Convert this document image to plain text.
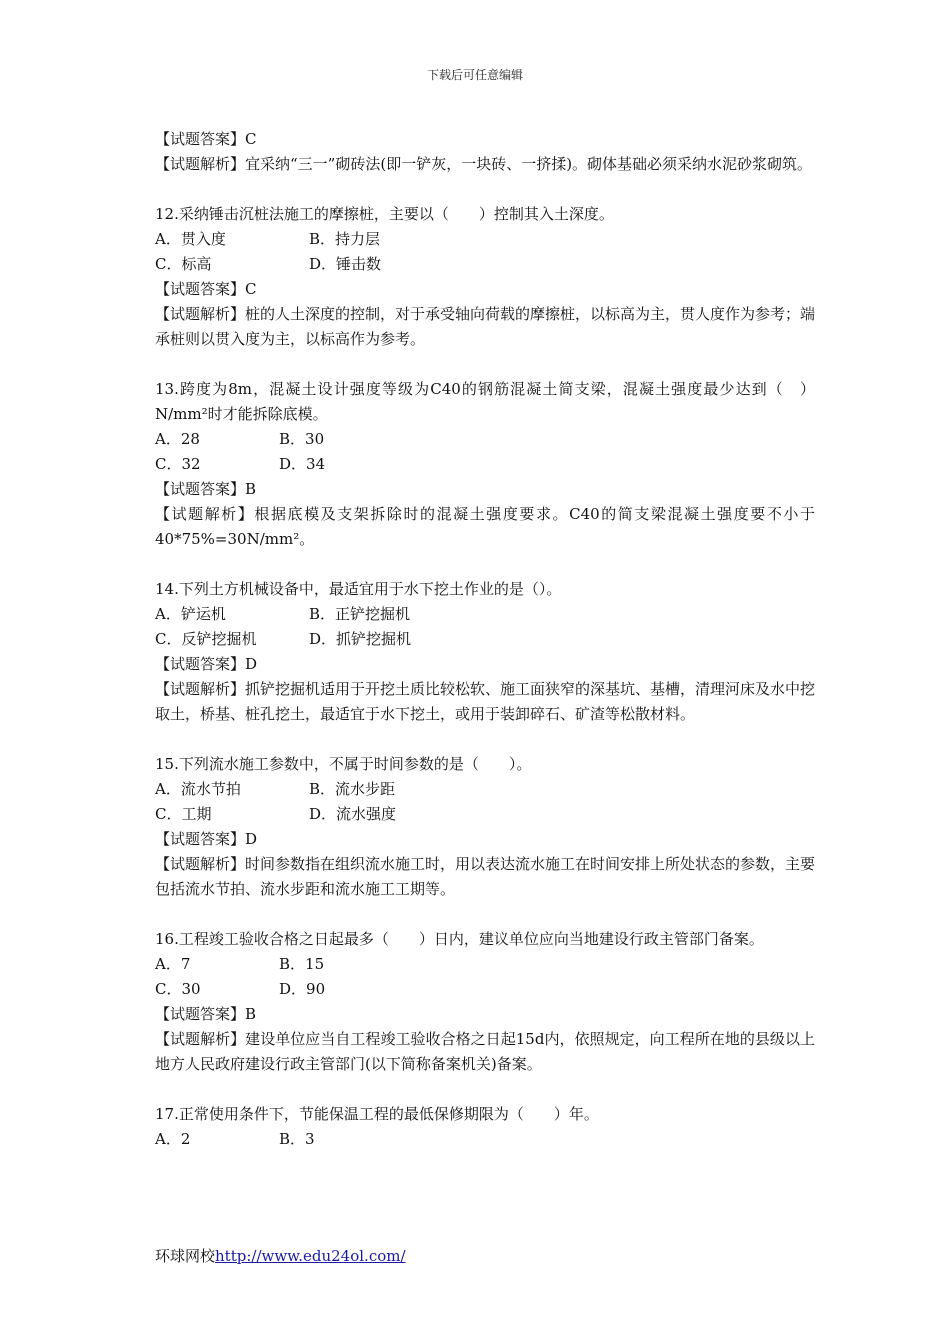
下载后可任意编辑
【试题答案】C
【试题解析】宜采纳“三一”砌砖法(即一铲灰，一块砖、一挤揉)。砌体基础必须采纳水泥砂浆砌筑。
12.采纳锤击沉桩法施工的摩擦桩，主要以（　　）控制其入土深度。
A．贯入度	B．持力层
C．标高	D．锤击数
【试题答案】C
【试题解析】桩的人土深度的控制，对于承受轴向荷载的摩擦桩，以标高为主，贯人度作为参考；端承桩则以贯入度为主，以标高作为参考。
13.跨度为8m，混凝土设计强度等级为C40的钢筋混凝土简支梁，混凝土强度最少达到（　）N/mm²时才能拆除底模。
A．28	B．30
C．32	D．34
【试题答案】B
【试题解析】根据底模及支架拆除时的混凝土强度要求。C40的简支梁混凝土强度要不小于40*75%=30N/mm²。
14.下列土方机械设备中，最适宜用于水下挖土作业的是（）。
A．铲运机	B．正铲挖掘机
C．反铲挖掘机	D．抓铲挖掘机
【试题答案】D
【试题解析】抓铲挖掘机适用于开挖土质比较松软、施工面狭窄的深基坑、基槽，清理河床及水中挖取土，桥基、桩孔挖土，最适宜于水下挖土，或用于装卸碎石、矿渣等松散材料。
15.下列流水施工参数中，不属于时间参数的是（　　）。
A．流水节拍	B．流水步距
C．工期	D．流水强度
【试题答案】D
【试题解析】时间参数指在组织流水施工时，用以表达流水施工在时间安排上所处状态的参数，主要包括流水节拍、流水步距和流水施工工期等。
16.工程竣工验收合格之日起最多（　　）日内，建议单位应向当地建设行政主管部门备案。
A．7	B．15
C．30	D．90
【试题答案】B
【试题解析】建设单位应当自工程竣工验收合格之日起15d内，依照规定，向工程所在地的县级以上地方人民政府建设行政主管部门(以下简称备案机关)备案。
17.正常使用条件下，节能保温工程的最低保修期限为（　　）年。
A．2	B．3
环球网校http://www.edu24ol.com/
